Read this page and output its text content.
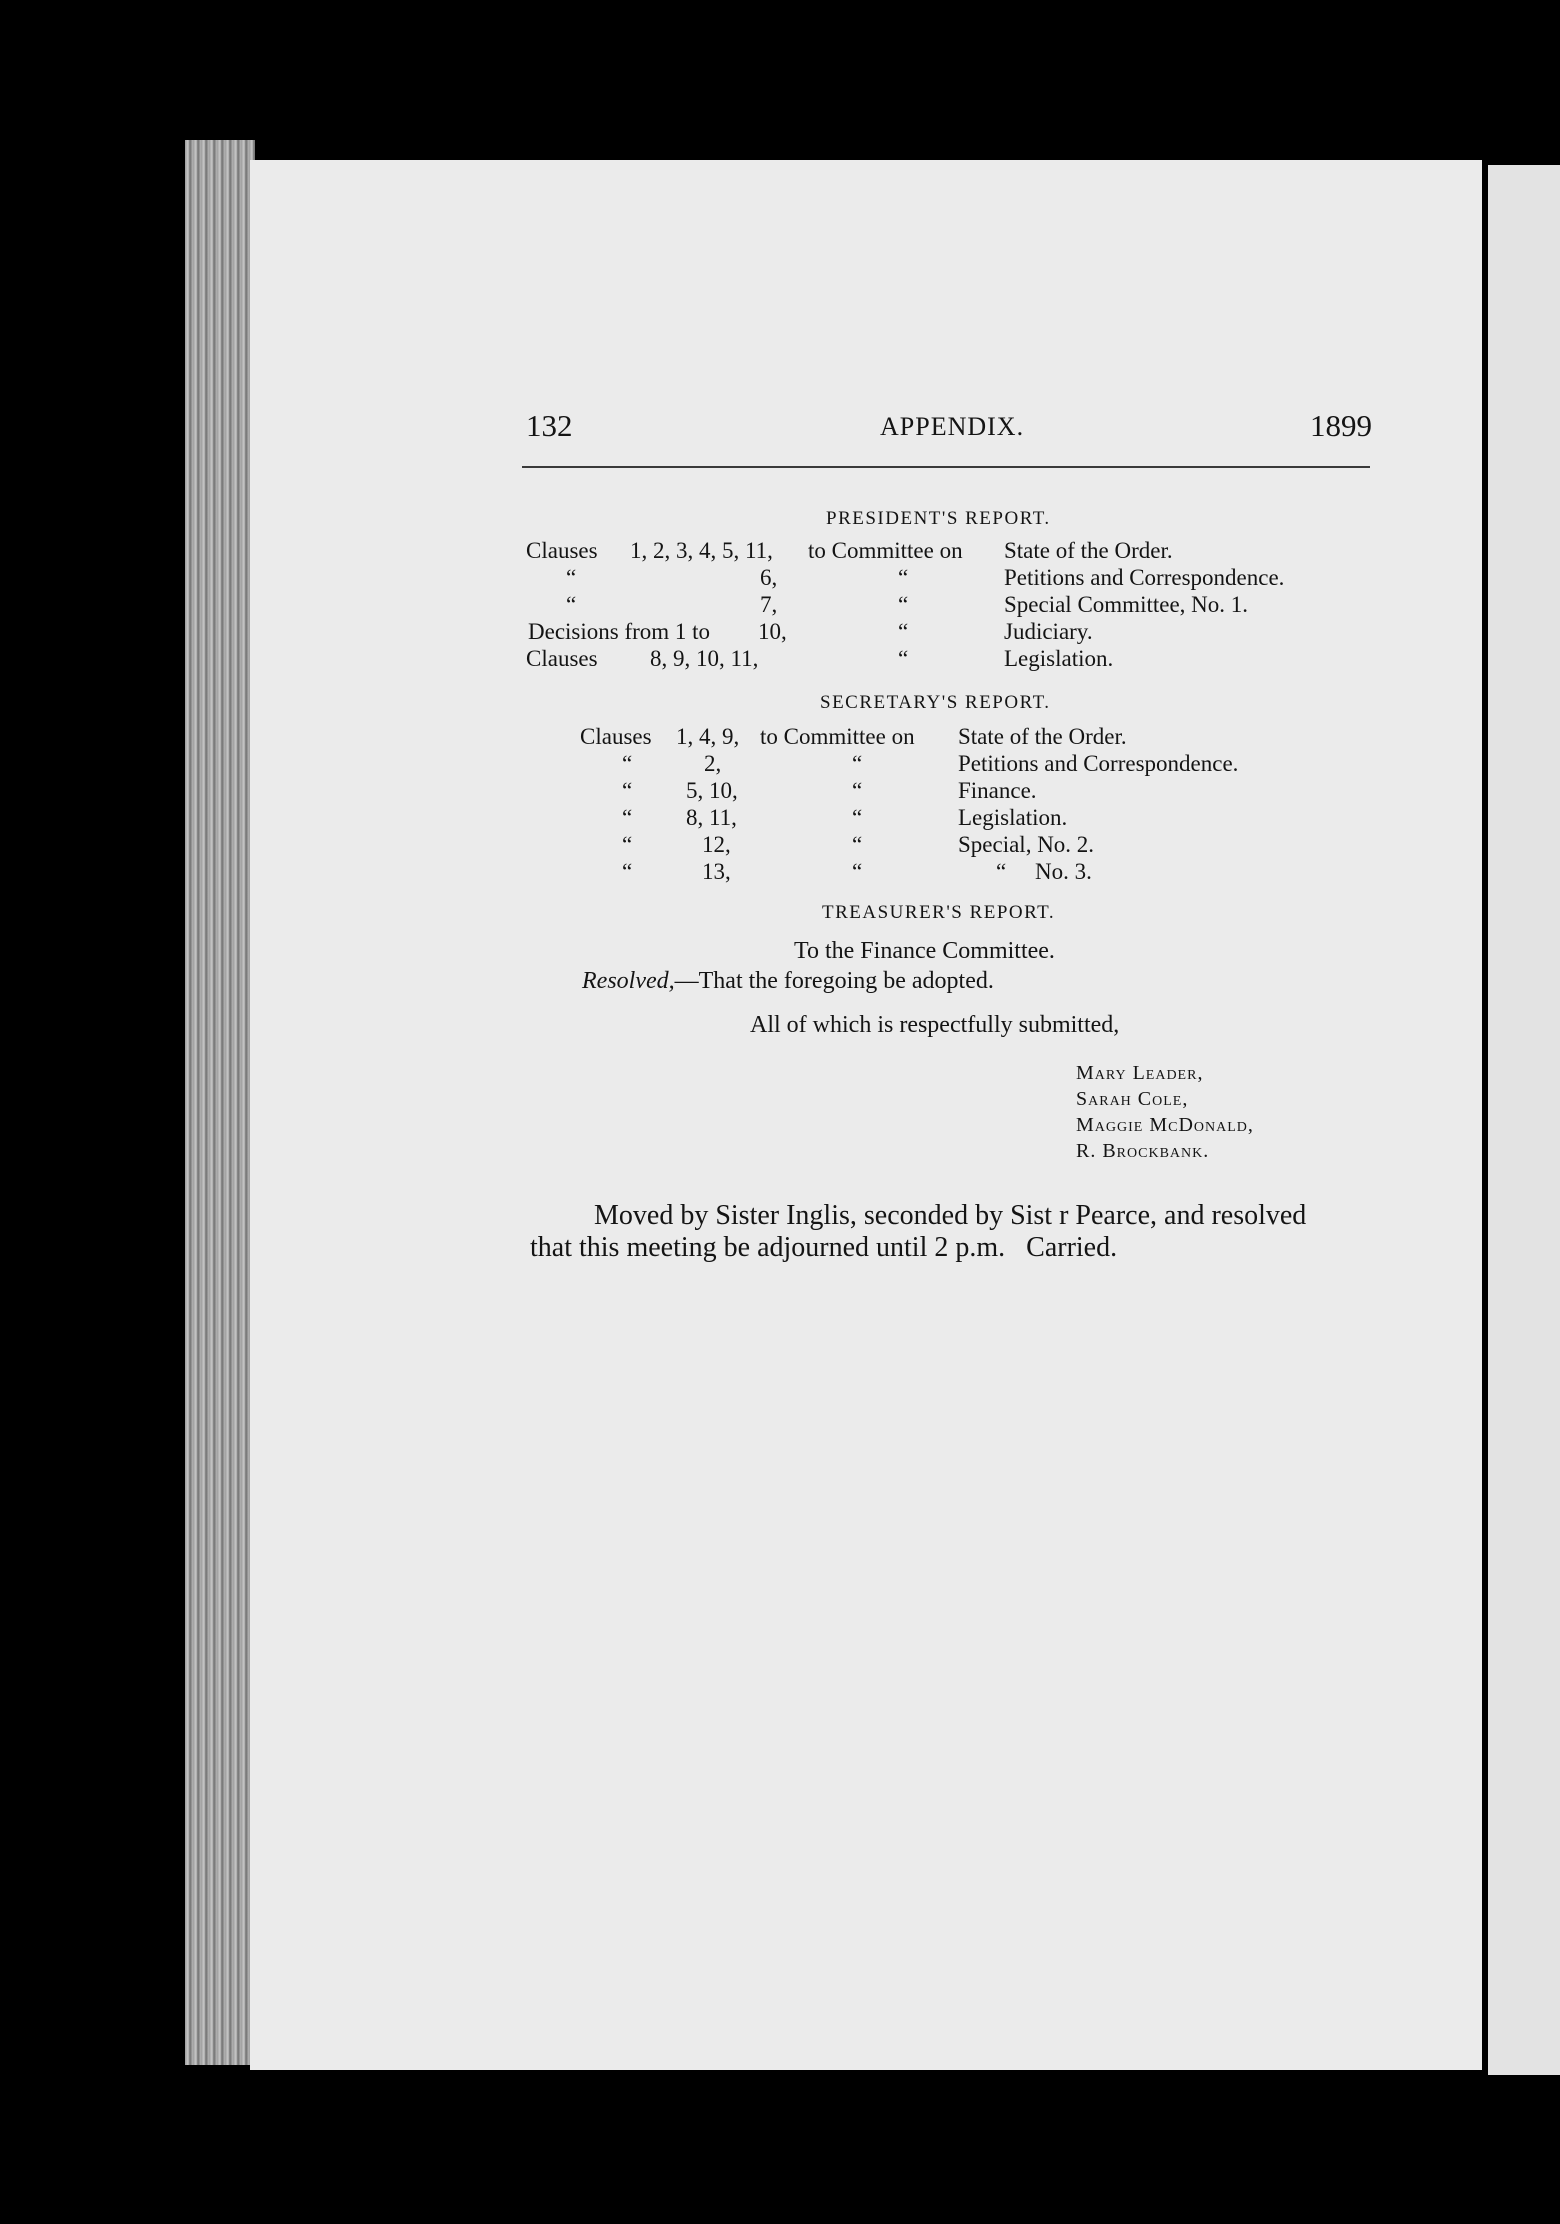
132	APPENDIX.	1899
PRESIDENT'S REPORT.
Clauses 1, 2, 3, 4, 5, 11, to Committee on State of the Order.
“	6,	“	Petitions and Correspondence.
“	7,	“	Special Committee, No. 1.
Decisions from 1 to 10,	“	Judiciary.
Clauses 8, 9, 10, 11,	“	Legislation.
SECRETARY'S REPORT.
Clauses 1, 4, 9, to Committee on State of the Order.
“	2,	“	Petitions and Correspondence.
“ 5, 10,	“	Finance.
“ 8, 11,	“	Legislation.
“	12,	“	Special, No. 2.
“	13,	“	“     No. 3.
TREASURER'S REPORT.
To the Finance Committee.
Resolved,—That the foregoing be adopted.
All of which is respectfully submitted,
Mary Leader,
Sarah Cole,
Maggie McDonald,
R. Brockbank.
Moved by Sister Inglis, seconded by Sist r Pearce, and resolved
that this meeting be adjourned until 2 p.m.   Carried.
